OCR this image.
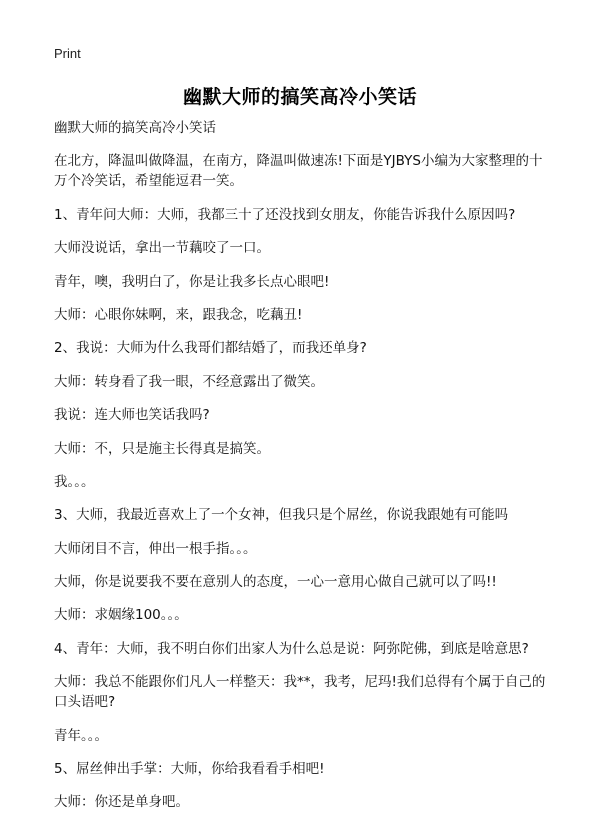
Print
幽默大师的搞笑高冷小笑话

幽默大师的搞笑高冷小笑话

在北方，降温叫做降温，在南方，降温叫做速冻!下面是YJBYS小编为大家整理的十万个冷笑话，希望能逗君一笑。

1、青年问大师：大师，我都三十了还没找到女朋友，你能告诉我什么原因吗?

大师没说话，拿出一节藕咬了一口。

青年，噢，我明白了，你是让我多长点心眼吧!

大师：心眼你妹啊，来，跟我念，吃藕丑!

2、我说：大师为什么我哥们都结婚了，而我还单身?

大师：转身看了我一眼，不经意露出了微笑。

我说：连大师也笑话我吗?

大师：不，只是施主长得真是搞笑。

我。。。

3、大师，我最近喜欢上了一个女神，但我只是个屌丝，你说我跟她有可能吗

大师闭目不言，伸出一根手指。。。

大师，你是说要我不要在意别人的态度，一心一意用心做自己就可以了吗!!

大师：求姻缘100。。。

4、青年：大师，我不明白你们出家人为什么总是说：阿弥陀佛，到底是啥意思?

大师：我总不能跟你们凡人一样整天：我**，我考，尼玛!我们总得有个属于自己的口头语吧?

青年。。。

5、屌丝伸出手掌：大师，你给我看看手相吧!

大师：你还是单身吧。
